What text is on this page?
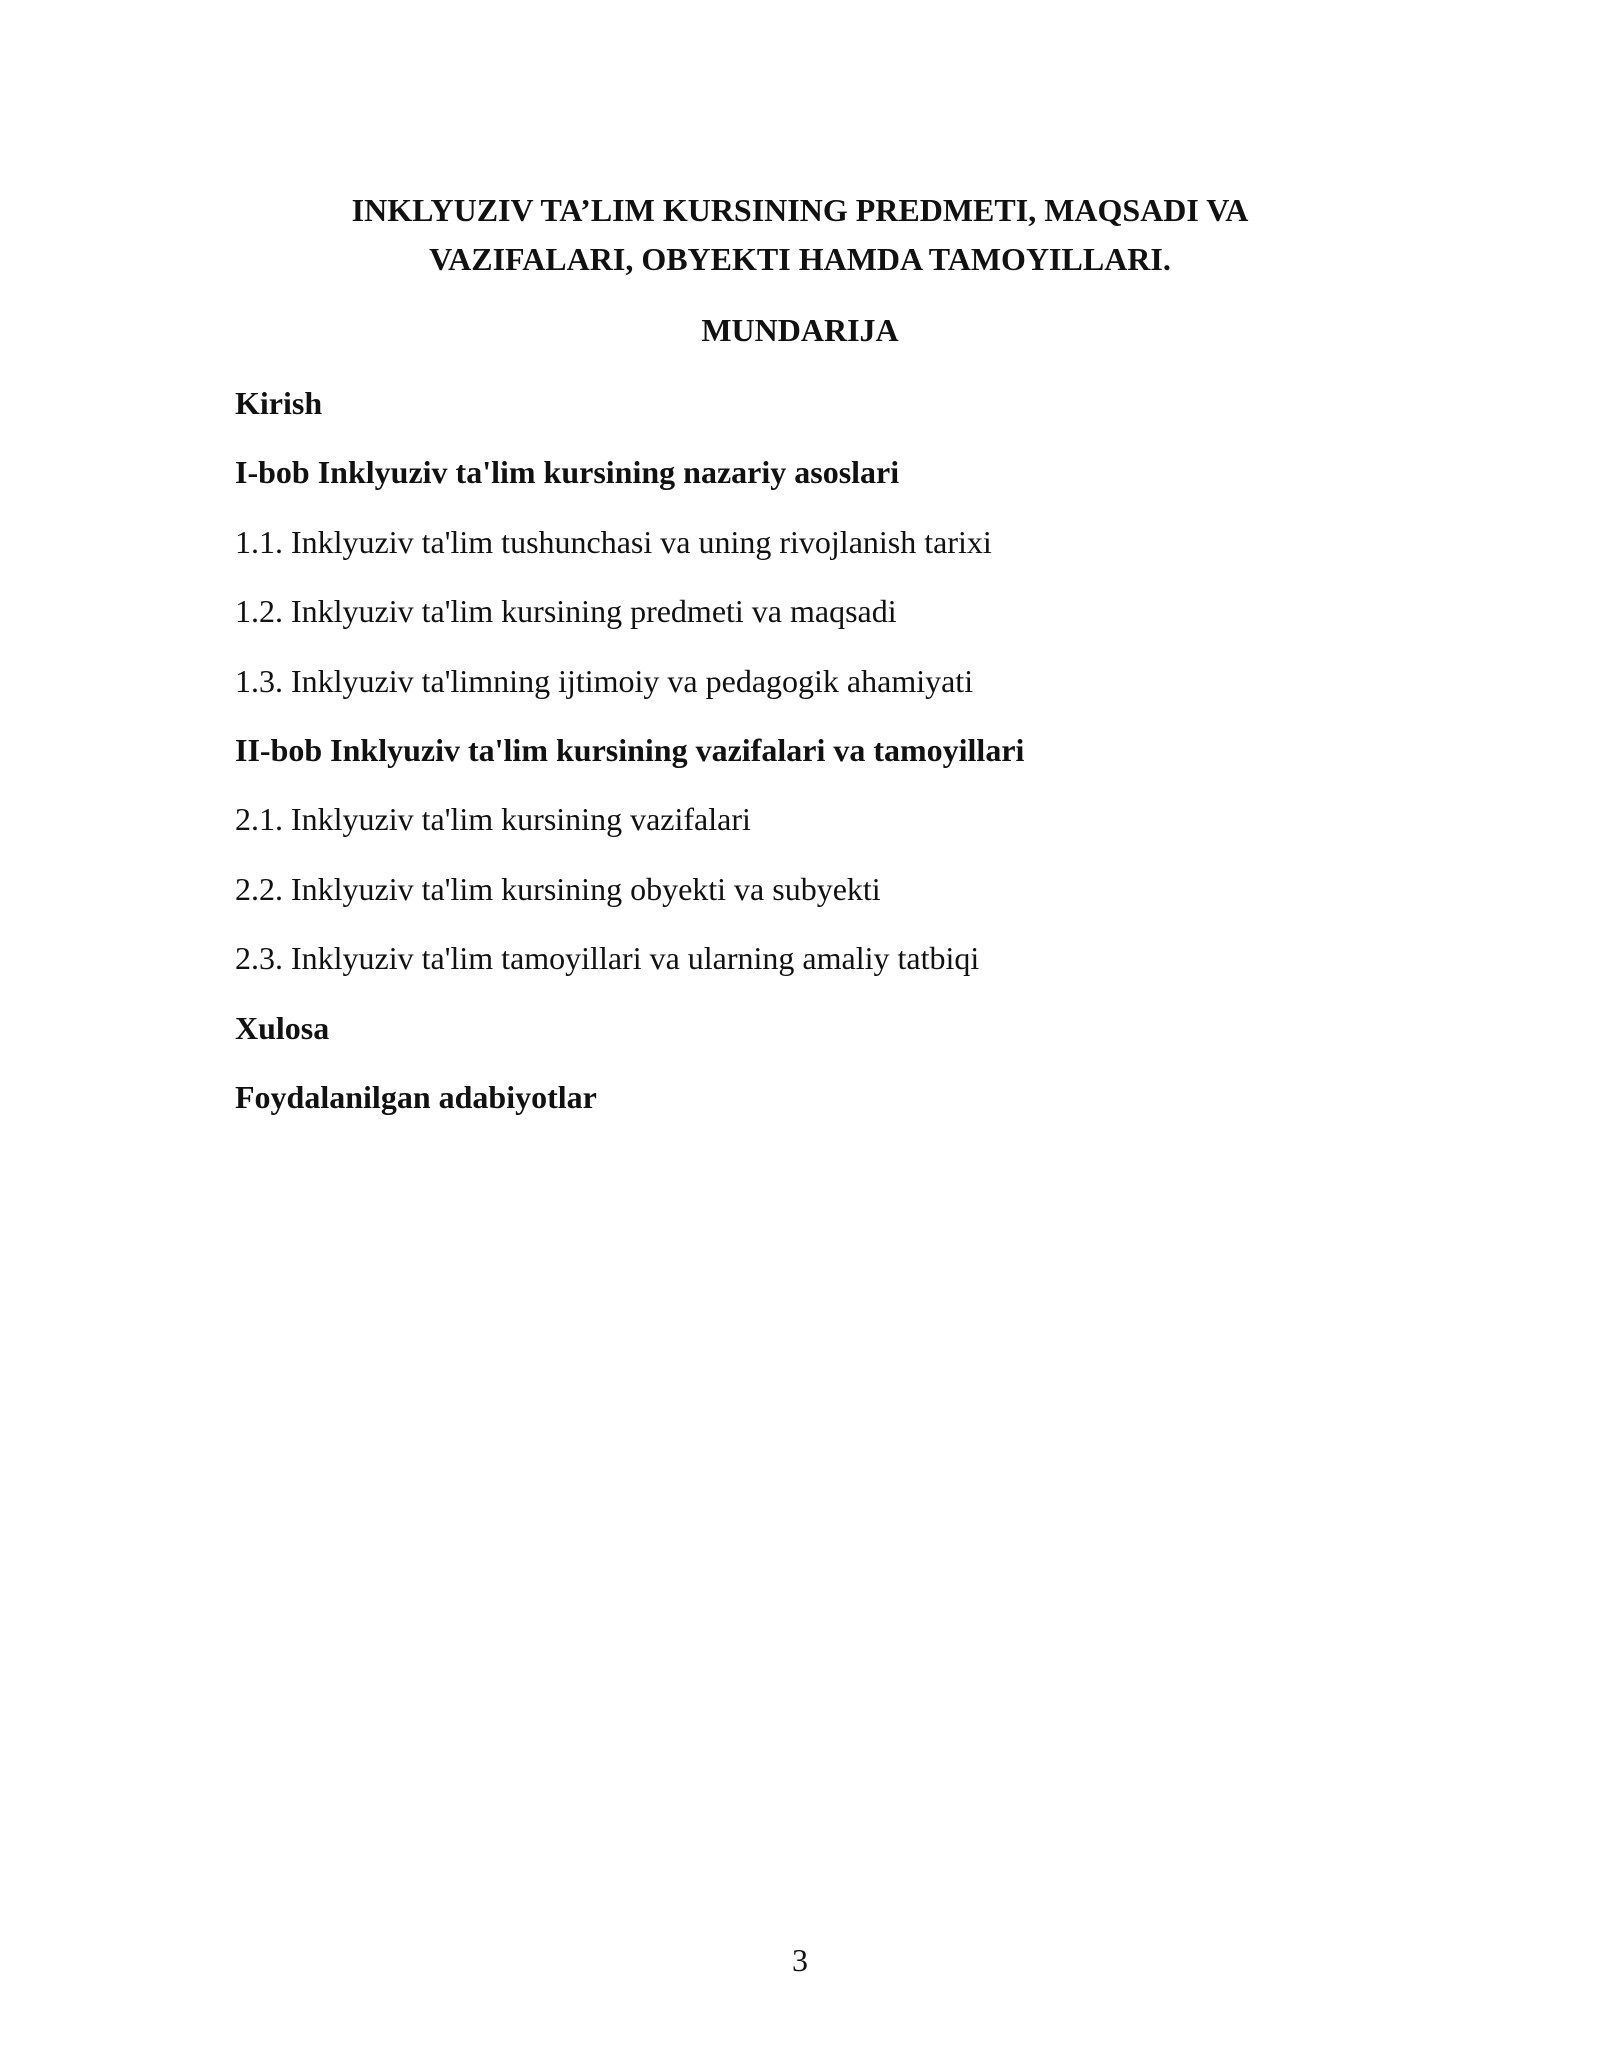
INKLYUZIV TA’LIM KURSINING PREDMETI, MAQSADI VA
VAZIFALARI, OBYEKTI HAMDA TAMOYILLARI.
MUNDARIJA
Kirish
I-bob Inklyuziv ta'lim kursining nazariy asoslari
1.1. Inklyuziv ta'lim tushunchasi va uning rivojlanish tarixi
1.2. Inklyuziv ta'lim kursining predmeti va maqsadi
1.3. Inklyuziv ta'limning ijtimoiy va pedagogik ahamiyati
II-bob Inklyuziv ta'lim kursining vazifalari va tamoyillari
2.1. Inklyuziv ta'lim kursining vazifalari
2.2. Inklyuziv ta'lim kursining obyekti va subyekti
2.3. Inklyuziv ta'lim tamoyillari va ularning amaliy tatbiqi
Xulosa
Foydalanilgan adabiyotlar
3
